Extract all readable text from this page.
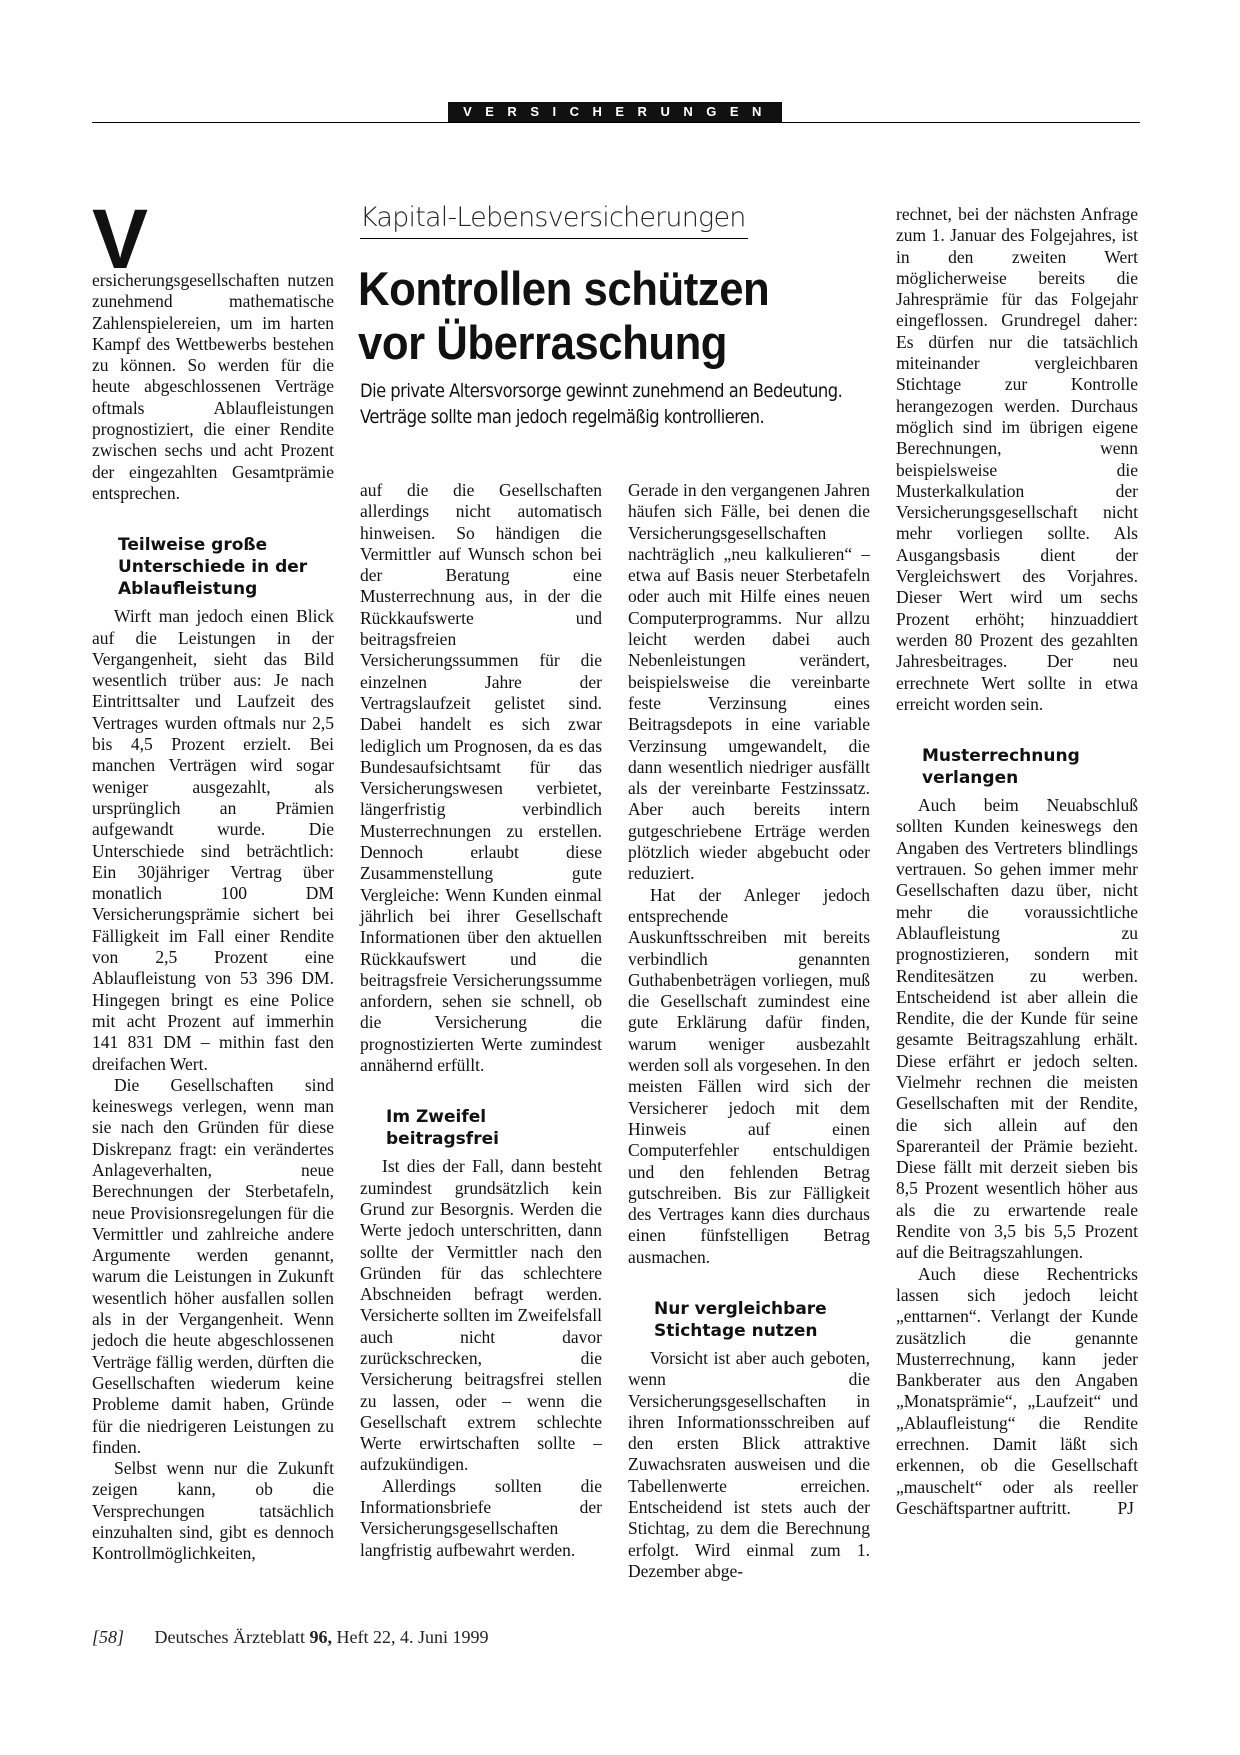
VERSICHERUNGEN
Kapital-Lebensversicherungen
Kontrollen schützen
vor Überraschung
Die private Altersvorsorge gewinnt zunehmend an Bedeutung.
Verträge sollte man jedoch regelmäßig kontrollieren.

V
ersicherungsgesellschaften nutzen zunehmend mathematische Zahlenspielereien, um im harten Kampf des Wettbewerbs bestehen zu können. So werden für die heute abgeschlossenen Verträge oftmals Ablaufleistungen prognostiziert, die einer Rendite zwischen sechs und acht Prozent der eingezahlten Gesamtprämie entsprechen.

Teilweise große Unterschiede in der Ablaufleistung

Wirft man jedoch einen Blick auf die Leistungen in der Vergangenheit, sieht das Bild wesentlich trüber aus: Je nach Eintrittsalter und Laufzeit des Vertrages wurden oftmals nur 2,5 bis 4,5 Prozent erzielt. Bei manchen Verträgen wird sogar weniger ausgezahlt, als ursprünglich an Prämien aufgewandt wurde. Die Unterschiede sind beträchtlich: Ein 30jähriger Vertrag über monatlich 100 DM Versicherungsprämie sichert bei Fälligkeit im Fall einer Rendite von 2,5 Prozent eine Ablaufleistung von 53 396 DM. Hingegen bringt es eine Police mit acht Prozent auf immerhin 141 831 DM – mithin fast den dreifachen Wert.

Die Gesellschaften sind keineswegs verlegen, wenn man sie nach den Gründen für diese Diskrepanz fragt: ein verändertes Anlageverhalten, neue Berechnungen der Sterbetafeln, neue Provisionsregelungen für die Vermittler und zahlreiche andere Argumente werden genannt, warum die Leistungen in Zukunft wesentlich höher ausfallen sollen als in der Vergangenheit. Wenn jedoch die heute abgeschlossenen Verträge fällig werden, dürften die Gesellschaften wiederum keine Probleme damit haben, Gründe für die niedrigeren Leistungen zu finden.

Selbst wenn nur die Zukunft zeigen kann, ob die Versprechungen tatsächlich einzuhalten sind, gibt es dennoch Kontrollmöglichkeiten,

auf die die Gesellschaften allerdings nicht automatisch hinweisen. So händigen die Vermittler auf Wunsch schon bei der Beratung eine Musterrechnung aus, in der die Rückkaufswerte und beitragsfreien Versicherungssummen für die einzelnen Jahre der Vertragslaufzeit gelistet sind. Dabei handelt es sich zwar lediglich um Prognosen, da es das Bundesaufsichtsamt für das Versicherungswesen verbietet, längerfristig verbindlich Musterrechnungen zu erstellen. Dennoch erlaubt diese Zusammenstellung gute Vergleiche: Wenn Kunden einmal jährlich bei ihrer Gesellschaft Informationen über den aktuellen Rückkaufswert und die beitragsfreie Versicherungssumme anfordern, sehen sie schnell, ob die Versicherung die prognostizierten Werte zumindest annähernd erfüllt.

Im Zweifel beitragsfrei

Ist dies der Fall, dann besteht zumindest grundsätzlich kein Grund zur Besorgnis. Werden die Werte jedoch unterschritten, dann sollte der Vermittler nach den Gründen für das schlechtere Abschneiden befragt werden. Versicherte sollten im Zweifelsfall auch nicht davor zurückschrecken, die Versicherung beitragsfrei stellen zu lassen, oder – wenn die Gesellschaft extrem schlechte Werte erwirtschaften sollte – aufzukündigen.

Allerdings sollten die Informationsbriefe der Versicherungsgesellschaften langfristig aufbewahrt werden.

Gerade in den vergangenen Jahren häufen sich Fälle, bei denen die Versicherungsgesellschaften nachträglich „neu kalkulieren“ – etwa auf Basis neuer Sterbetafeln oder auch mit Hilfe eines neuen Computerprogramms. Nur allzu leicht werden dabei auch Nebenleistungen verändert, beispielsweise die vereinbarte feste Verzinsung eines Beitragsdepots in eine variable Verzinsung umgewandelt, die dann wesentlich niedriger ausfällt als der vereinbarte Festzinssatz. Aber auch bereits intern gutgeschriebene Erträge werden plötzlich wieder abgebucht oder reduziert.

Hat der Anleger jedoch entsprechende Auskunftsschreiben mit bereits verbindlich genannten Guthabenbeträgen vorliegen, muß die Gesellschaft zumindest eine gute Erklärung dafür finden, warum weniger ausbezahlt werden soll als vorgesehen. In den meisten Fällen wird sich der Versicherer jedoch mit dem Hinweis auf einen Computerfehler entschuldigen und den fehlenden Betrag gutschreiben. Bis zur Fälligkeit des Vertrages kann dies durchaus einen fünfstelligen Betrag ausmachen.

Nur vergleichbare Stichtage nutzen

Vorsicht ist aber auch geboten, wenn die Versicherungsgesellschaften in ihren Informationsschreiben auf den ersten Blick attraktive Zuwachsraten ausweisen und die Tabellenwerte erreichen. Entscheidend ist stets auch der Stichtag, zu dem die Berechnung erfolgt. Wird einmal zum 1. Dezember abge-

rechnet, bei der nächsten Anfrage zum 1. Januar des Folgejahres, ist in den zweiten Wert möglicherweise bereits die Jahresprämie für das Folgejahr eingeflossen. Grundregel daher: Es dürfen nur die tatsächlich miteinander vergleichbaren Stichtage zur Kontrolle herangezogen werden. Durchaus möglich sind im übrigen eigene Berechnungen, wenn beispielsweise die Musterkalkulation der Versicherungsgesellschaft nicht mehr vorliegen sollte. Als Ausgangsbasis dient der Vergleichswert des Vorjahres. Dieser Wert wird um sechs Prozent erhöht; hinzuaddiert werden 80 Prozent des gezahlten Jahresbeitrages. Der neu errechnete Wert sollte in etwa erreicht worden sein.

Musterrechnung verlangen

Auch beim Neuabschluß sollten Kunden keineswegs den Angaben des Vertreters blindlings vertrauen. So gehen immer mehr Gesellschaften dazu über, nicht mehr die voraussichtliche Ablaufleistung zu prognostizieren, sondern mit Renditesätzen zu werben. Entscheidend ist aber allein die Rendite, die der Kunde für seine gesamte Beitragszahlung erhält. Diese erfährt er jedoch selten. Vielmehr rechnen die meisten Gesellschaften mit der Rendite, die sich allein auf den Spareranteil der Prämie bezieht. Diese fällt mit derzeit sieben bis 8,5 Prozent wesentlich höher aus als die zu erwartende reale Rendite von 3,5 bis 5,5 Prozent auf die Beitragszahlungen.

Auch diese Rechentricks lassen sich jedoch leicht „enttarnen“. Verlangt der Kunde zusätzlich die genannte Musterrechnung, kann jeder Bankberater aus den Angaben „Monatsprämie“, „Laufzeit“ und „Ablaufleistung“ die Rendite errechnen. Damit läßt sich erkennen, ob die Gesellschaft „mauschelt“ oder als reeller Geschäftspartner auftritt.	PJ

[58] Deutsches Ärzteblatt 96, Heft 22, 4. Juni 1999
